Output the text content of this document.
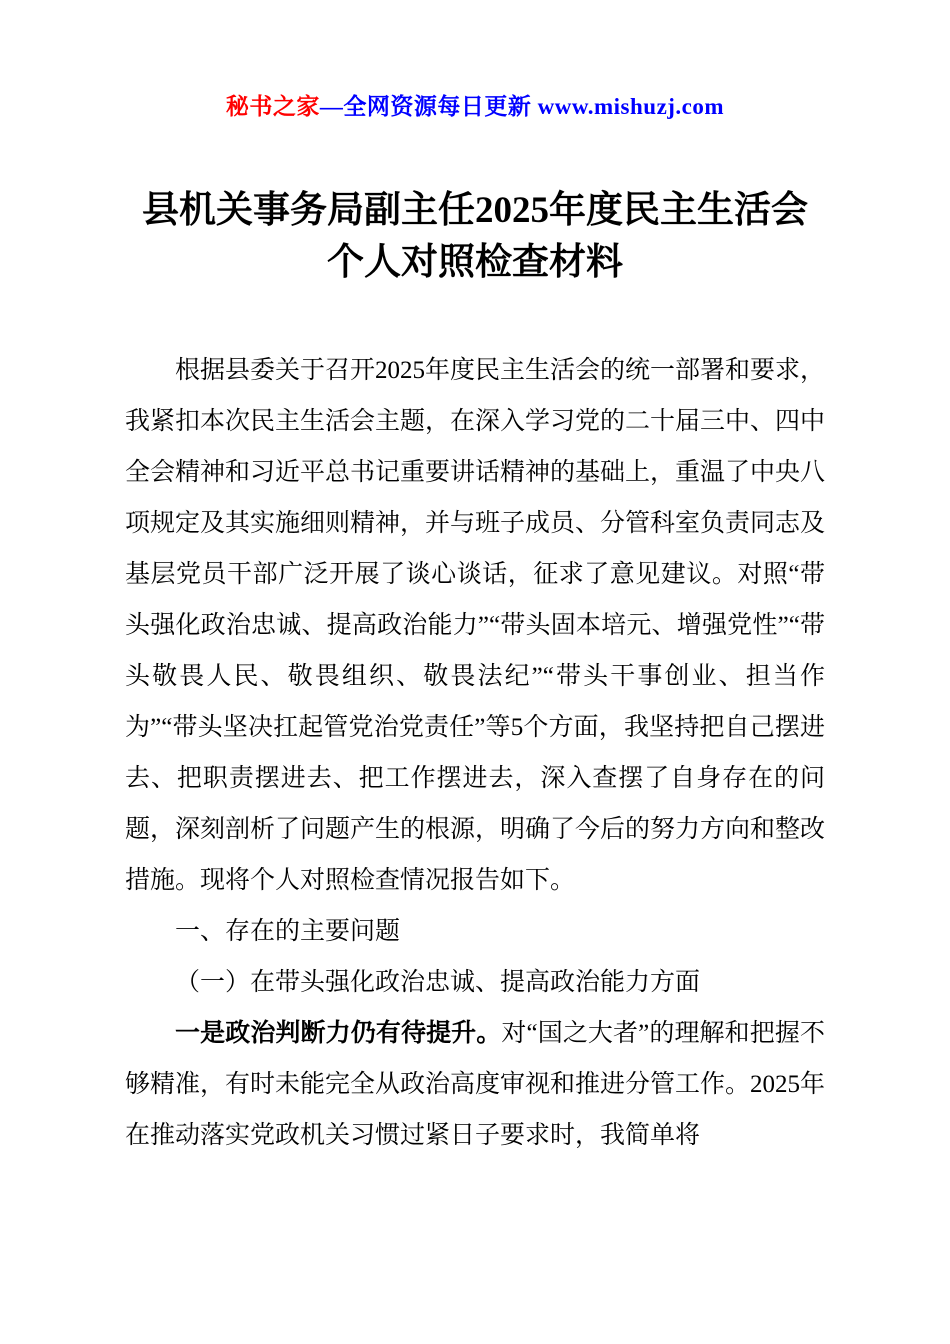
秘书之家—全网资源每日更新 www.mishuzj.com
县机关事务局副主任2025年度民主生活会
个人对照检查材料

根据县委关于召开2025年度民主生活会的统一部署和要求，我紧扣本次民主生活会主题，在深入学习党的二十届三中、四中全会精神和习近平总书记重要讲话精神的基础上，重温了中央八项规定及其实施细则精神，并与班子成员、分管科室负责同志及基层党员干部广泛开展了谈心谈话，征求了意见建议。对照“带头强化政治忠诚、提高政治能力”“带头固本培元、增强党性”“带头敬畏人民、敬畏组织、敬畏法纪”“带头干事创业、担当作为”“带头坚决扛起管党治党责任”等5个方面，我坚持把自己摆进去、把职责摆进去、把工作摆进去，深入查摆了自身存在的问题，深刻剖析了问题产生的根源，明确了今后的努力方向和整改措施。现将个人对照检查情况报告如下。

一、存在的主要问题

（一）在带头强化政治忠诚、提高政治能力方面

一是政治判断力仍有待提升。对“国之大者”的理解和把握不够精准，有时未能完全从政治高度审视和推进分管工作。2025年在推动落实党政机关习惯过紧日子要求时，我简单将
